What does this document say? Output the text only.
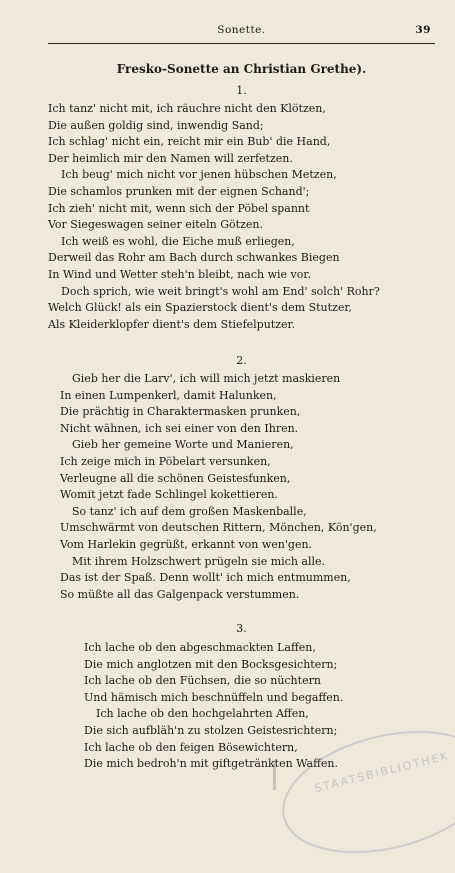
Sonette.	39
Fresko-Sonette an Christian Grethe).
1.
Ich tanz' nicht mit, ich räuchre nicht den Klötzen,
Die außen goldig sind, inwendig Sand;
Ich schlag' nicht ein, reicht mir ein Bub' die Hand,
Der heimlich mir den Namen will zerfetzen.
Ich beug' mich nicht vor jenen hübschen Metzen,
Die schamlos prunken mit der eignen Schand';
Ich zieh' nicht mit, wenn sich der Pöbel spannt
Vor Siegeswagen seiner eiteln Götzen.
Ich weiß es wohl, die Eiche muß erliegen,
Derweil das Rohr am Bach durch schwankes Biegen
In Wind und Wetter steh'n bleibt, nach wie vor.
Doch sprich, wie weit bringt's wohl am End' solch' Rohr?
Welch Glück! als ein Spazierstock dient's dem Stutzer,
Als Kleiderklopfer dient's dem Stiefelputzer.
2.
Gieb her die Larv', ich will mich jetzt maskieren
In einen Lumpenkerl, damit Halunken,
Die prächtig in Charaktermasken prunken,
Nicht wähnen, ich sei einer von den Ihren.
Gieb her gemeine Worte und Manieren,
Ich zeige mich in Pöbelart versunken,
Verleugne all die schönen Geistesfunken,
Womit jetzt fade Schlingel kokettieren.
So tanz' ich auf dem großen Maskenballe,
Umschwärmt von deutschen Rittern, Mönchen, Kön'gen,
Vom Harlekin gegrüßt, erkannt von wen'gen.
Mit ihrem Holzschwert prügeln sie mich alle.
Das ist der Spaß. Denn wollt' ich mich entmummen,
So müßte all das Galgenpack verstummen.
3.
Ich lache ob den abgeschmackten Laffen,
Die mich anglotzen mit den Bocksgesichtern;
Ich lache ob den Füchsen, die so nüchtern
Und hämisch mich beschnüffeln und begaffen.
Ich lache ob den hochgelahrten Affen,
Die sich aufbläh'n zu stolzen Geistesrichtern;
Ich lache ob den feigen Bösewichtern,
Die mich bedroh'n mit giftgetränkten Waffen.
STAATSBIBLIOTHEK
